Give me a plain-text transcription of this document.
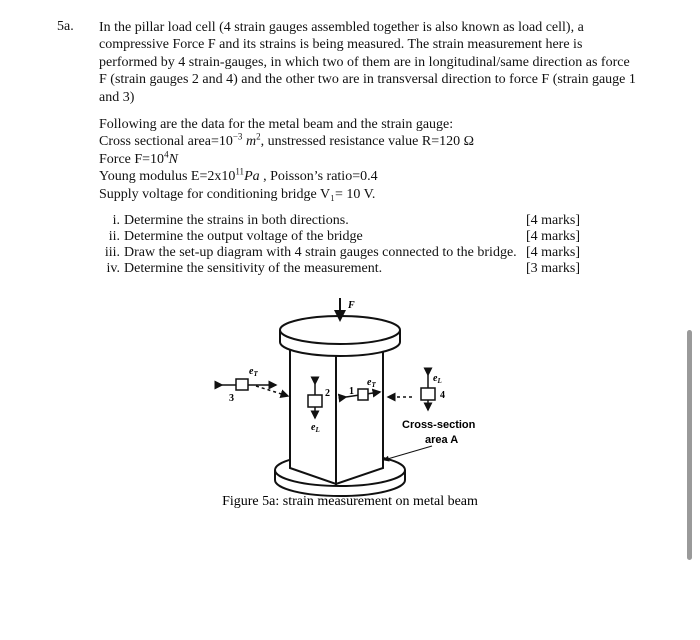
5a. In the pillar load cell (4 strain gauges assembled together is also known as load cell), a
compressive Force F and its strains is being measured. The strain measurement here is
performed by 4 strain-gauges, in which two of them are in longitudinal/same direction as force
F (strain gauges 2 and 4) and the other two are in transversal direction to force F (strain gauge 1
and 3)
Following are the data for the metal beam and the strain gauge:
Cross sectional $area=10^{-3}$ $m^2$, unstressed resistance value R=120 Ω
Force $F=10^4N$
Young modulus $E=2x10^{11}Pa$ , Poisson’s ratio=0.4
Supply voltage for conditioning bridge V₁= 10 V.
i. Determine the strains in both directions.	[4 marks]
ii. Determine the output voltage of the bridge	[4 marks]
iii. Draw the set-up diagram with 4 strain gauges connected to the bridge. [4 marks]
iv. Determine the sensitivity of the measurement.	[3 marks]
F
3
$e_T$
2
$e_L$
1
$e_T$
4
$e_L$
Cross-section
area A
Figure 5a: strain measurement on metal beam
